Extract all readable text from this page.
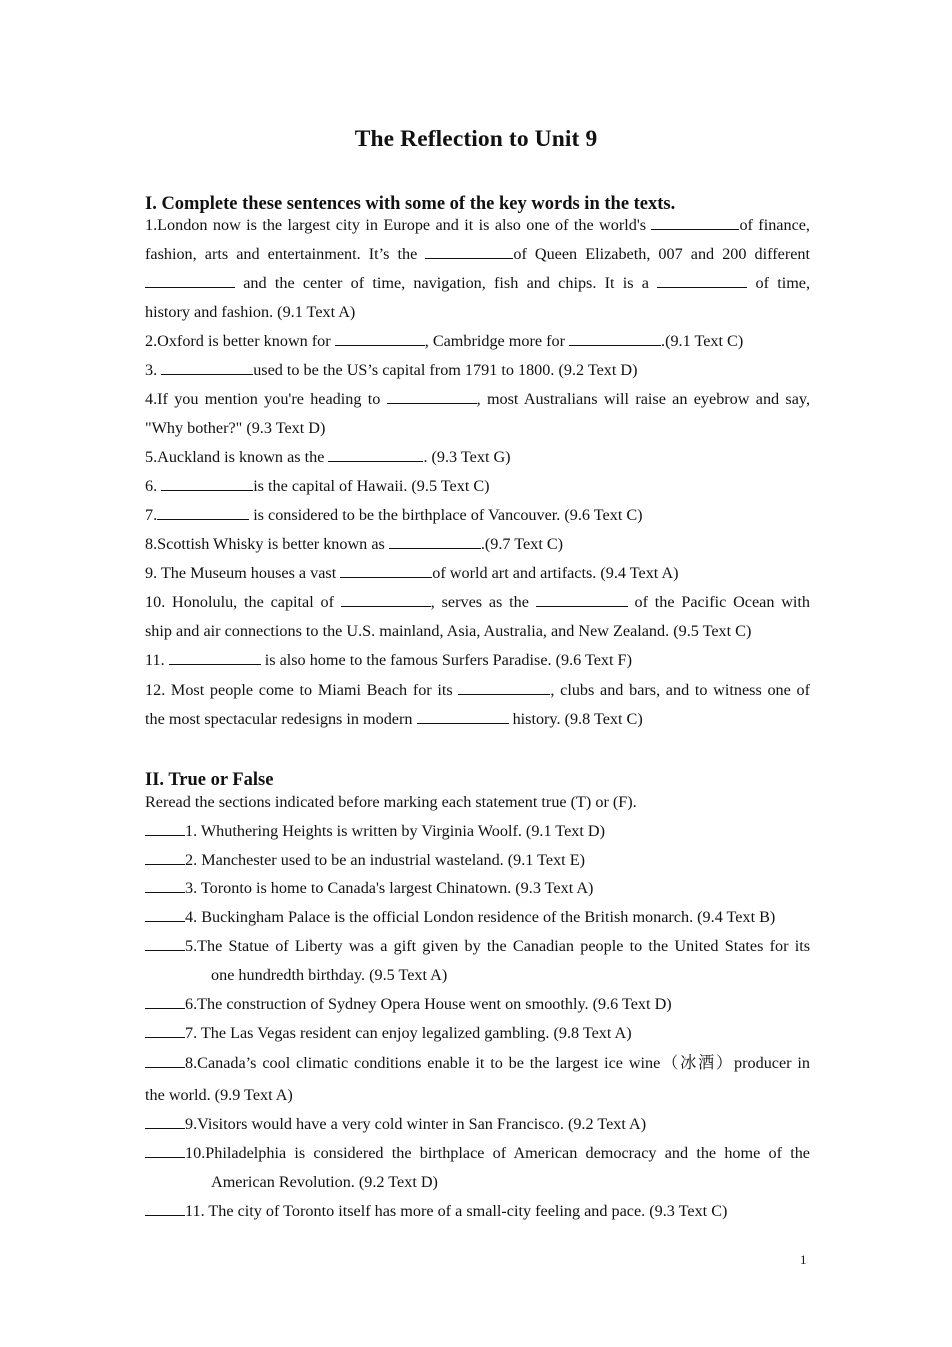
The Reflection to Unit 9
I. Complete these sentences with some of the key words in the texts.
1.London now is the largest city in Europe and it is also one of the world's	of finance,
fashion, arts and entertainment. It’s the	of Queen Elizabeth, 007 and 200 different
and the center of time, navigation, fish and chips. It is a	of time,
history and fashion. (9.1 Text A)
2.Oxford is better known for	, Cambridge more for	.(9.1 Text C)
3.	used to be the US’s capital from 1791 to 1800. (9.2 Text D)
4.If you mention you're heading to	, most Australians will raise an eyebrow and say,
"Why bother?" (9.3 Text D)
5.Auckland is known as the	. (9.3 Text G)
6.	is the capital of Hawaii. (9.5 Text C)
7.	is considered to be the birthplace of Vancouver. (9.6 Text C)
8.Scottish Whisky is better known as	.(9.7 Text C)
9. The Museum houses a vast	of world art and artifacts. (9.4 Text A)
10. Honolulu, the capital of	, serves as the	of the Pacific Ocean with
ship and air connections to the U.S. mainland, Asia, Australia, and New Zealand. (9.5 Text C)
11.	is also home to the famous Surfers Paradise. (9.6 Text F)
12. Most people come to Miami Beach for its	, clubs and bars, and to witness one of
the most spectacular redesigns in modern	history. (9.8 Text C)
II. True or False
Reread the sections indicated before marking each statement true (T) or (F).
1. Whuthering Heights is written by Virginia Woolf. (9.1 Text D)
2. Manchester used to be an industrial wasteland. (9.1 Text E)
3. Toronto is home to Canada's largest Chinatown. (9.3 Text A)
4. Buckingham Palace is the official London residence of the British monarch. (9.4 Text B)
5.The Statue of Liberty was a gift given by the Canadian people to the United States for its
one hundredth birthday. (9.5 Text A)
6.The construction of Sydney Opera House went on smoothly. (9.6 Text D)
7. The Las Vegas resident can enjoy legalized gambling. (9.8 Text A)
8.Canada’s cool climatic conditions enable it to be the largest ice wine（冰酒）producer in
the world. (9.9 Text A)
9.Visitors would have a very cold winter in San Francisco. (9.2 Text A)
10.Philadelphia is considered the birthplace of American democracy and the home of the
American Revolution. (9.2 Text D)
11. The city of Toronto itself has more of a small-city feeling and pace. (9.3 Text C)
1
